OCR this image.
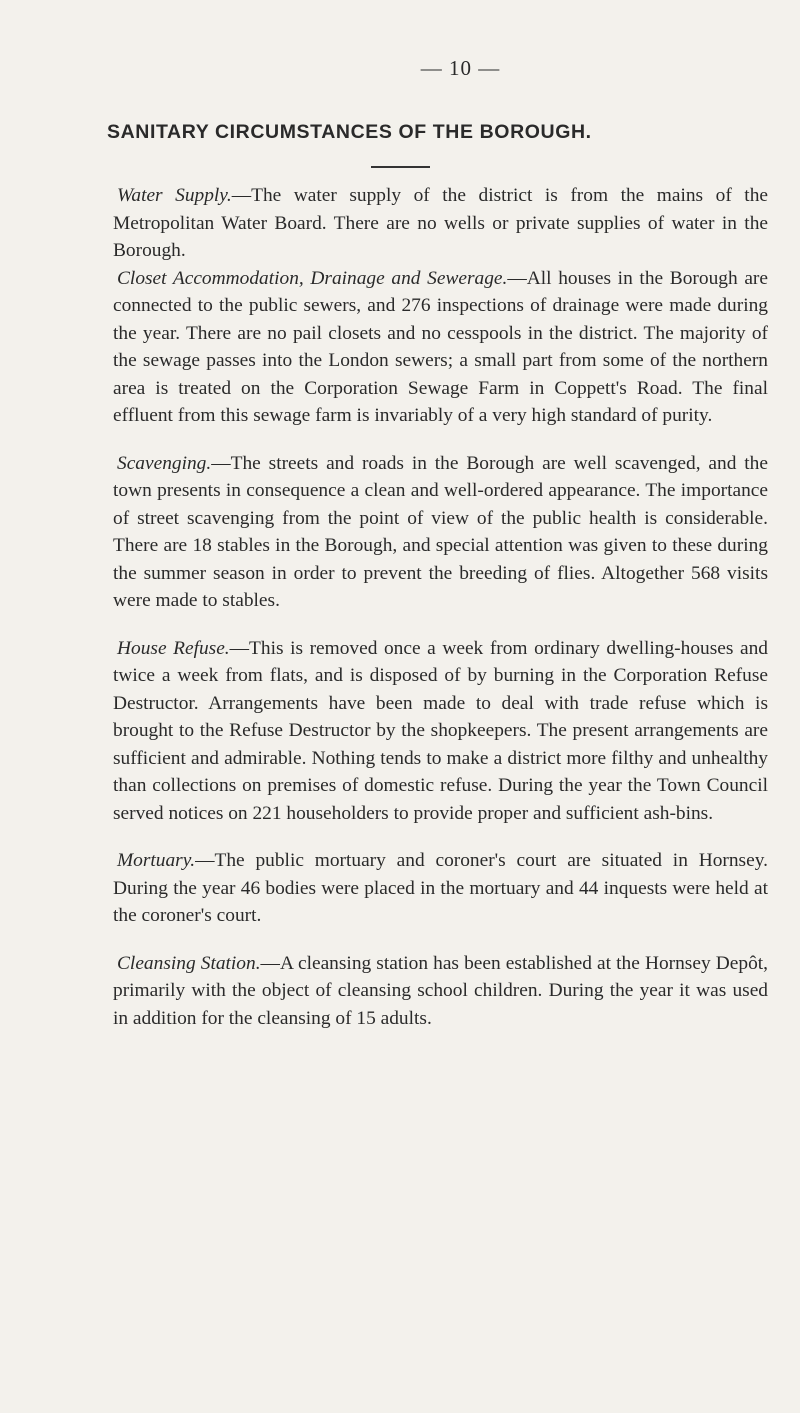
— 10 —
SANITARY CIRCUMSTANCES OF THE BOROUGH.

Water Supply.—The water supply of the district is from the mains of the Metropolitan Water Board. There are no wells or private supplies of water in the Borough.

Closet Accommodation, Drainage and Sewerage.—All houses in the Borough are connected to the public sewers, and 276 inspections of drainage were made during the year. There are no pail closets and no cesspools in the district. The majority of the sewage passes into the London sewers; a small part from some of the northern area is treated on the Corporation Sewage Farm in Coppett's Road. The final effluent from this sewage farm is invariably of a very high standard of purity.

Scavenging.—The streets and roads in the Borough are well scavenged, and the town presents in consequence a clean and well-ordered appearance. The importance of street scavenging from the point of view of the public health is considerable. There are 18 stables in the Borough, and special attention was given to these during the summer season in order to prevent the breeding of flies. Altogether 568 visits were made to stables.

House Refuse.—This is removed once a week from ordinary dwelling-houses and twice a week from flats, and is disposed of by burning in the Corporation Refuse Destructor. Arrangements have been made to deal with trade refuse which is brought to the Refuse Destructor by the shopkeepers. The present arrangements are sufficient and admirable. Nothing tends to make a district more filthy and unhealthy than collections on premises of domestic refuse. During the year the Town Council served notices on 221 householders to provide proper and sufficient ash-bins.

Mortuary.—The public mortuary and coroner's court are situated in Hornsey. During the year 46 bodies were placed in the mortuary and 44 inquests were held at the coroner's court.

Cleansing Station.—A cleansing station has been established at the Hornsey Depôt, primarily with the object of cleansing school children. During the year it was used in addition for the cleansing of 15 adults.
